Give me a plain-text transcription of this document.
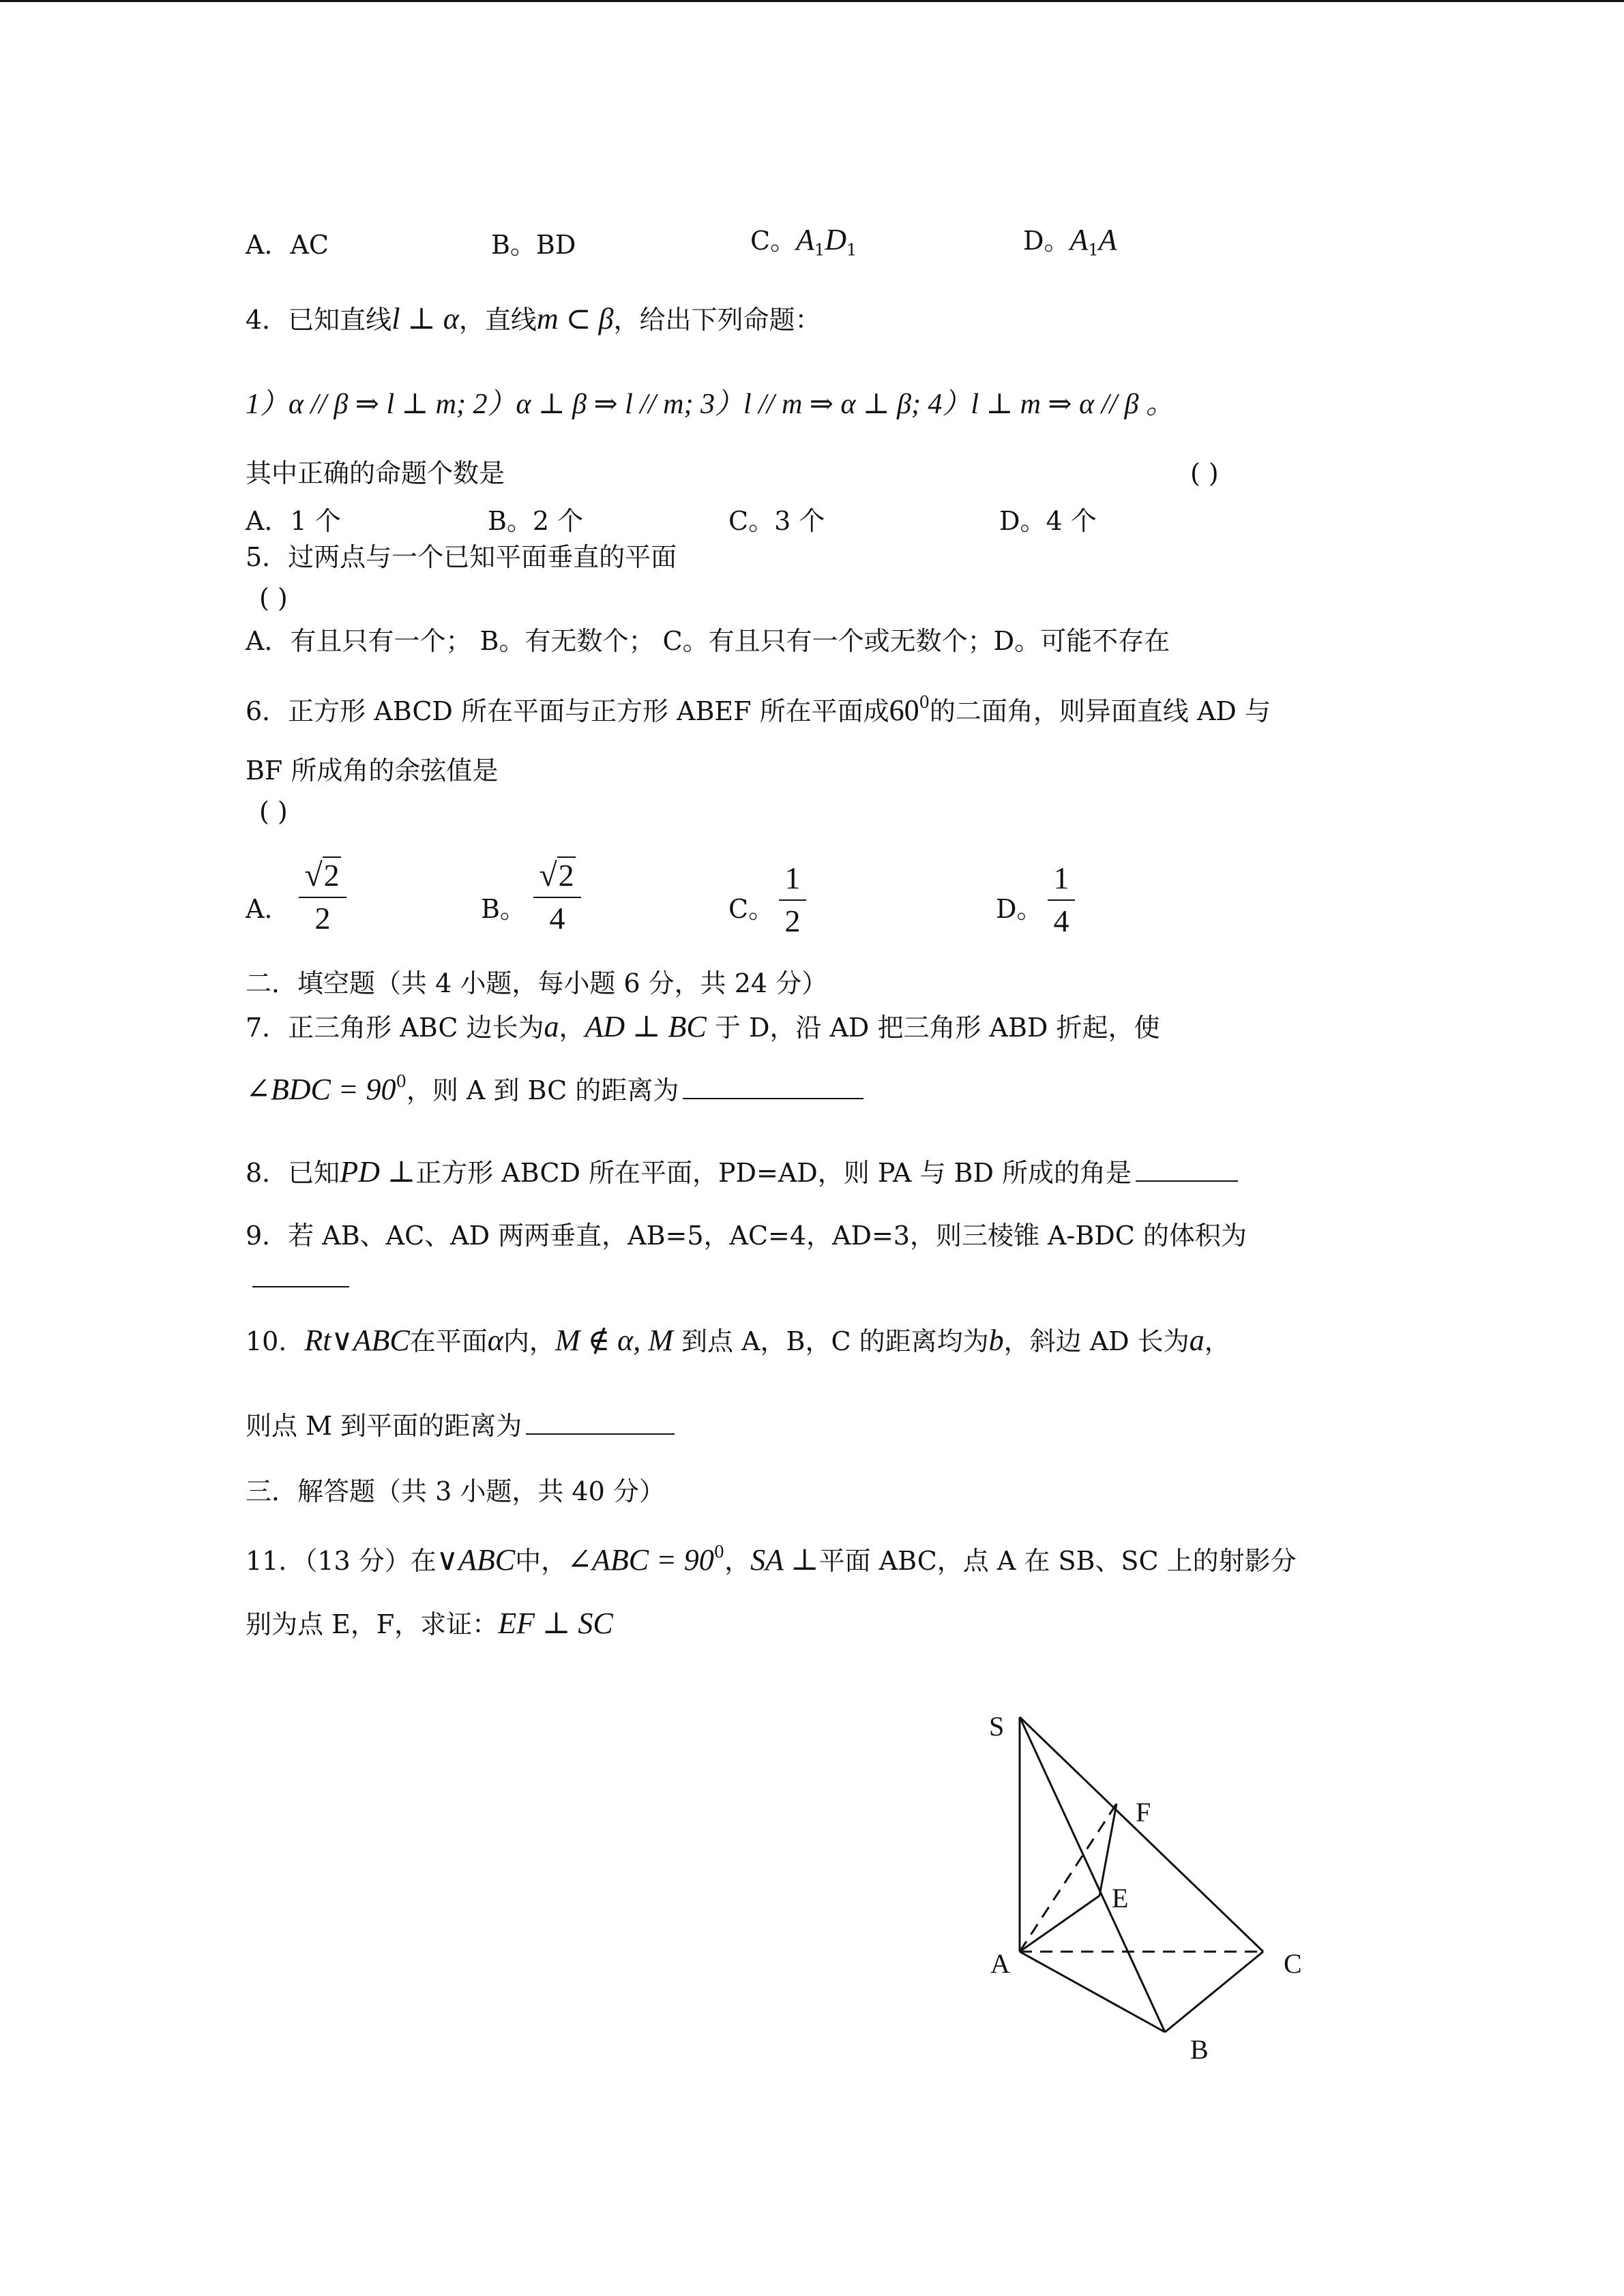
A．AC	B。BD	C。$A_1D_1$	D。$A_1A$
4．已知直线l ⊥ α，直线m ⊂ β，给出下列命题：
1）α // β ⇒ l ⊥ m; 2）α ⊥ β ⇒ l // m; 3）l // m ⇒ α ⊥ β; 4）l ⊥ m ⇒ α // β 。
其中正确的命题个数是	( )
A．1 个	B。2 个	C。3 个	D。4 个
5．过两点与一个已知平面垂直的平面
( )
A．有且只有一个； B。有无数个； C。有且只有一个或无数个；D。可能不存在
6．正方形 ABCD 所在平面与正方形 ABEF 所在平面成$60^0$的二面角，则异面直线 AD 与
BF 所成角的余弦值是
( )
A．
√2
2	B。
√2
4	C。
1
2	D。
1
4
二．填空题（共 4 小题，每小题 6 分，共 24 分）
7．正三角形 ABC 边长为a，AD ⊥ BC 于 D，沿 AD 把三角形 ABD 折起，使
∠BDC = $90^0$，则 A 到 BC 的距离为
8．已知PD ⊥正方形 ABCD 所在平面，PD=AD，则 PA 与 BD 所成的角是
9．若 AB、AC、AD 两两垂直，AB=5，AC=4，AD=3，则三棱锥 A-BDC 的体积为
10．Rt∨ABC在平面α内，M ∉ α, M 到点 A，B，C 的距离均为b，斜边 AD 长为a，
则点 M 到平面的距离为
三．解答题（共 3 小题，共 40 分）
11．（13 分）在∨ABC中，∠ABC = $90^0$，SA ⊥平面 ABC，点 A 在 SB、SC 上的射影分
别为点 E，F，求证：EF ⊥ SC
S
F
E
A	C
B
